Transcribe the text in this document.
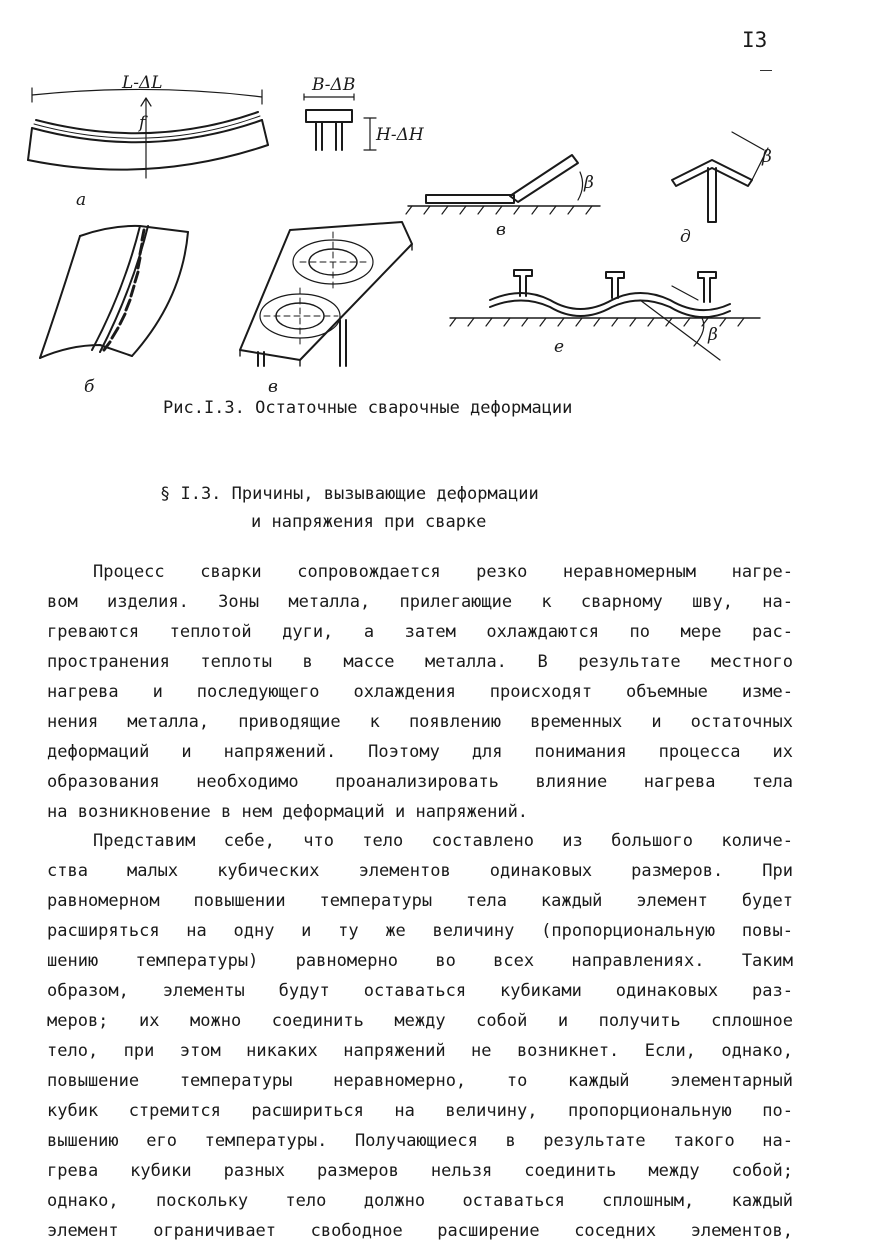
I3
L-ΔL
f
а
B-ΔB
H-ΔH
β
в
β
д
б	в
β
е
Рис.I.3. Остаточные сварочные деформации
§ I.3. Причины, вызывающие деформации
и напряжения при сварке
Процесс сварки сопровождается резко неравномерным нагре-
вом изделия. Зоны металла, прилегающие к сварному шву, на-
греваются теплотой дуги, а затем охлаждаются по мере рас-
пространения теплоты в массе металла. В результате местного
нагрева и последующего охлаждения происходят объемные изме-
нения металла, приводящие к появлению временных и остаточных
деформаций и напряжений. Поэтому для понимания процесса их
образования необходимо проанализировать влияние нагрева тела
на возникновение в нем деформаций и напряжений.
Представим себе, что тело составлено из большого количе-
ства малых кубических элементов одинаковых размеров. При
равномерном повышении температуры тела каждый элемент будет
расширяться на одну и ту же величину (пропорциональную повы-
шению температуры) равномерно во всех направлениях. Таким
образом, элементы будут оставаться кубиками одинаковых раз-
меров; их можно соединить между собой и получить сплошное
тело, при этом никаких напряжений не возникнет. Если, однако,
повышение температуры неравномерно, то каждый элементарный
кубик стремится расшириться на величину, пропорциональную по-
вышению его температуры. Получающиеся в результате такого на-
грева кубики разных размеров нельзя соединить между собой;
однако, поскольку тело должно оставаться сплошным, каждый
элемент ограничивает свободное расширение соседних элементов,
